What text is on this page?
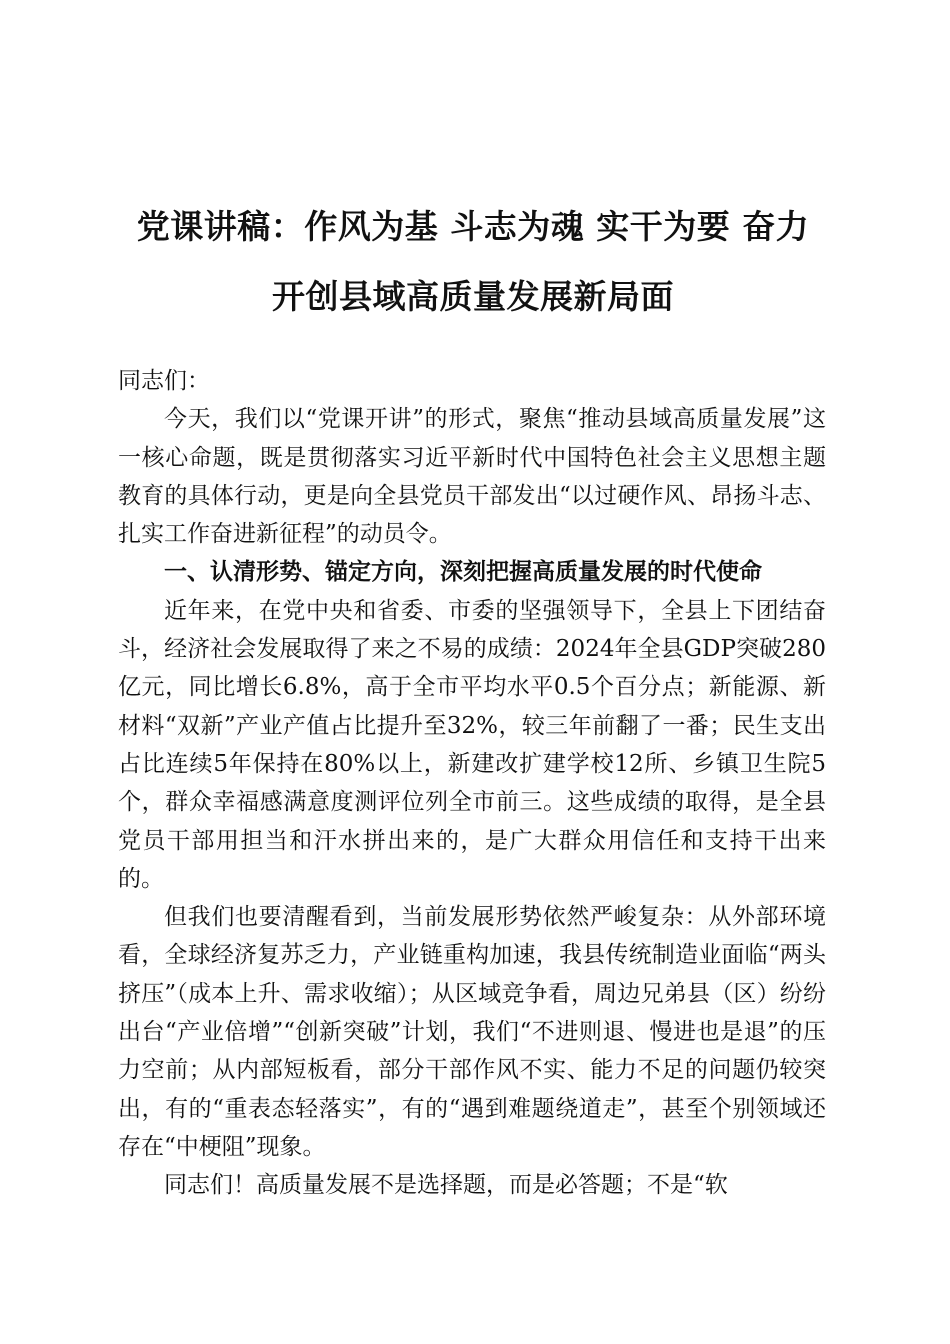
党课讲稿：作风为基 斗志为魂 实干为要 奋力
开创县域高质量发展新局面

同志们：

今天，我们以“党课开讲”的形式，聚焦“推动县域高质量发展”这一核心命题，既是贯彻落实习近平新时代中国特色社会主义思想主题教育的具体行动，更是向全县党员干部发出“以过硬作风、昂扬斗志、扎实工作奋进新征程”的动员令。

一、认清形势、锚定方向，深刻把握高质量发展的时代使命

近年来，在党中央和省委、市委的坚强领导下，全县上下团结奋斗，经济社会发展取得了来之不易的成绩：2024年全县GDP突破280亿元，同比增长6.8%，高于全市平均水平0.5个百分点；新能源、新材料“双新”产业产值占比提升至32%，较三年前翻了一番；民生支出占比连续5年保持在80%以上，新建改扩建学校12所、乡镇卫生院5个，群众幸福感满意度测评位列全市前三。这些成绩的取得，是全县党员干部用担当和汗水拼出来的，是广大群众用信任和支持干出来的。

但我们也要清醒看到，当前发展形势依然严峻复杂：从外部环境看，全球经济复苏乏力，产业链重构加速，我县传统制造业面临“两头挤压”（成本上升、需求收缩）；从区域竞争看，周边兄弟县（区）纷纷出台“产业倍增”“创新突破”计划，我们“不进则退、慢进也是退”的压力空前；从内部短板看，部分干部作风不实、能力不足的问题仍较突出，有的“重表态轻落实”，有的“遇到难题绕道走”，甚至个别领域还存在“中梗阻”现象。

同志们！高质量发展不是选择题，而是必答题；不是“软
